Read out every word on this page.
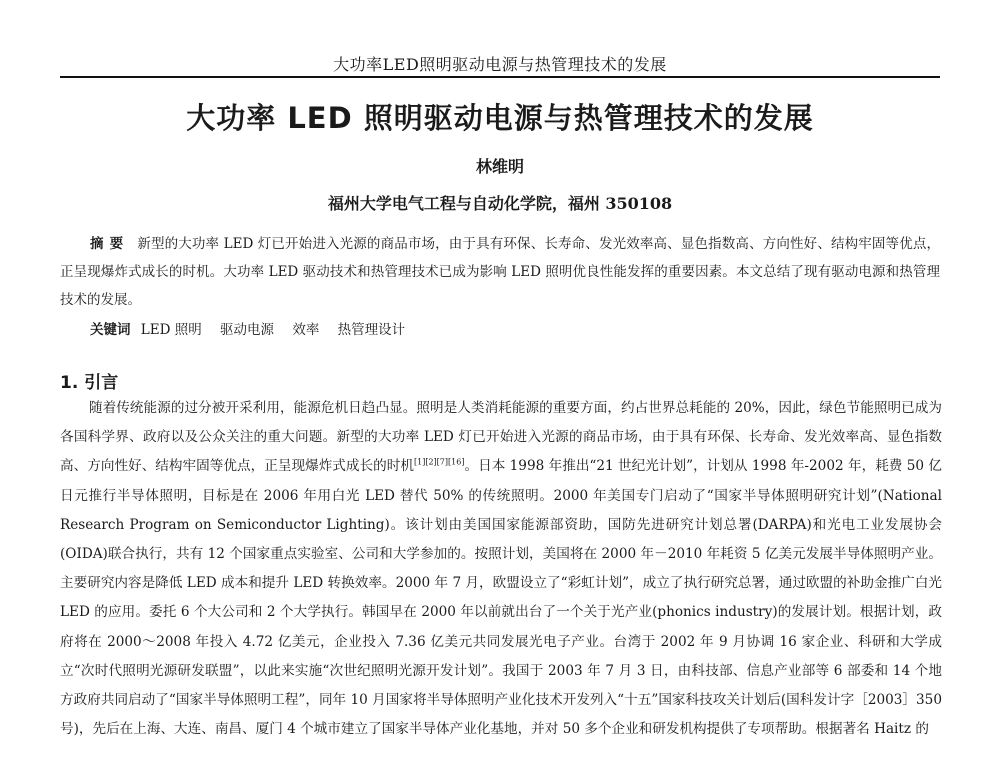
大功率LED照明驱动电源与热管理技术的发展
大功率 LED 照明驱动电源与热管理技术的发展
林维明
福州大学电气工程与自动化学院，福州 350108
摘要 新型的大功率 LED 灯已开始进入光源的商品市场，由于具有环保、长寿命、发光效率高、显色指数高、方向性好、结构牢固等优点，正呈现爆炸式成长的时机。大功率 LED 驱动技术和热管理技术已成为影响 LED 照明优良性能发挥的重要因素。本文总结了现有驱动电源和热管理技术的发展。
关键词 LED 照明 驱动电源 效率 热管理设计
1. 引言
随着传统能源的过分被开采利用，能源危机日趋凸显。照明是人类消耗能源的重要方面，约占世界总耗能的 20%，因此，绿色节能照明已成为各国科学界、政府以及公众关注的重大问题。新型的大功率 LED 灯已开始进入光源的商品市场，由于具有环保、长寿命、发光效率高、显色指数高、方向性好、结构牢固等优点，正呈现爆炸式成长的时机[1][2][7][16]。日本 1998 年推出“21 世纪光计划”，计划从 1998 年-2002 年，耗费 50 亿日元推行半导体照明，目标是在 2006 年用白光 LED 替代 50% 的传统照明。2000 年美国专门启动了“国家半导体照明研究计划”(National Research Program on Semiconductor Lighting)。该计划由美国国家能源部资助，国防先进研究计划总署(DARPA)和光电工业发展协会(OIDA)联合执行，共有 12 个国家重点实验室、公司和大学参加的。按照计划，美国将在 2000 年－2010 年耗资 5 亿美元发展半导体照明产业。主要研究内容是降低 LED 成本和提升 LED 转换效率。2000 年 7 月，欧盟设立了“彩虹计划”，成立了执行研究总署，通过欧盟的补助金推广白光 LED 的应用。委托 6 个大公司和 2 个大学执行。韩国早在 2000 年以前就出台了一个关于光产业(phonics industry)的发展计划。根据计划，政府将在 2000～2008 年投入 4.72 亿美元，企业投入 7.36 亿美元共同发展光电子产业。台湾于 2002 年 9 月协调 16 家企业、科研和大学成立“次时代照明光源研发联盟”，以此来实施“次世纪照明光源开发计划”。我国于 2003 年 7 月 3 日，由科技部、信息产业部等 6 部委和 14 个地方政府共同启动了“国家半导体照明工程”，同年 10 月国家将半导体照明产业化技术开发列入“十五”国家科技攻关计划后(国科发计字［2003］350 号)，先后在上海、大连、南昌、厦门 4 个城市建立了国家半导体产业化基地，并对 50 多个企业和研发机构提供了专项帮助。根据著名 Haitz 的
